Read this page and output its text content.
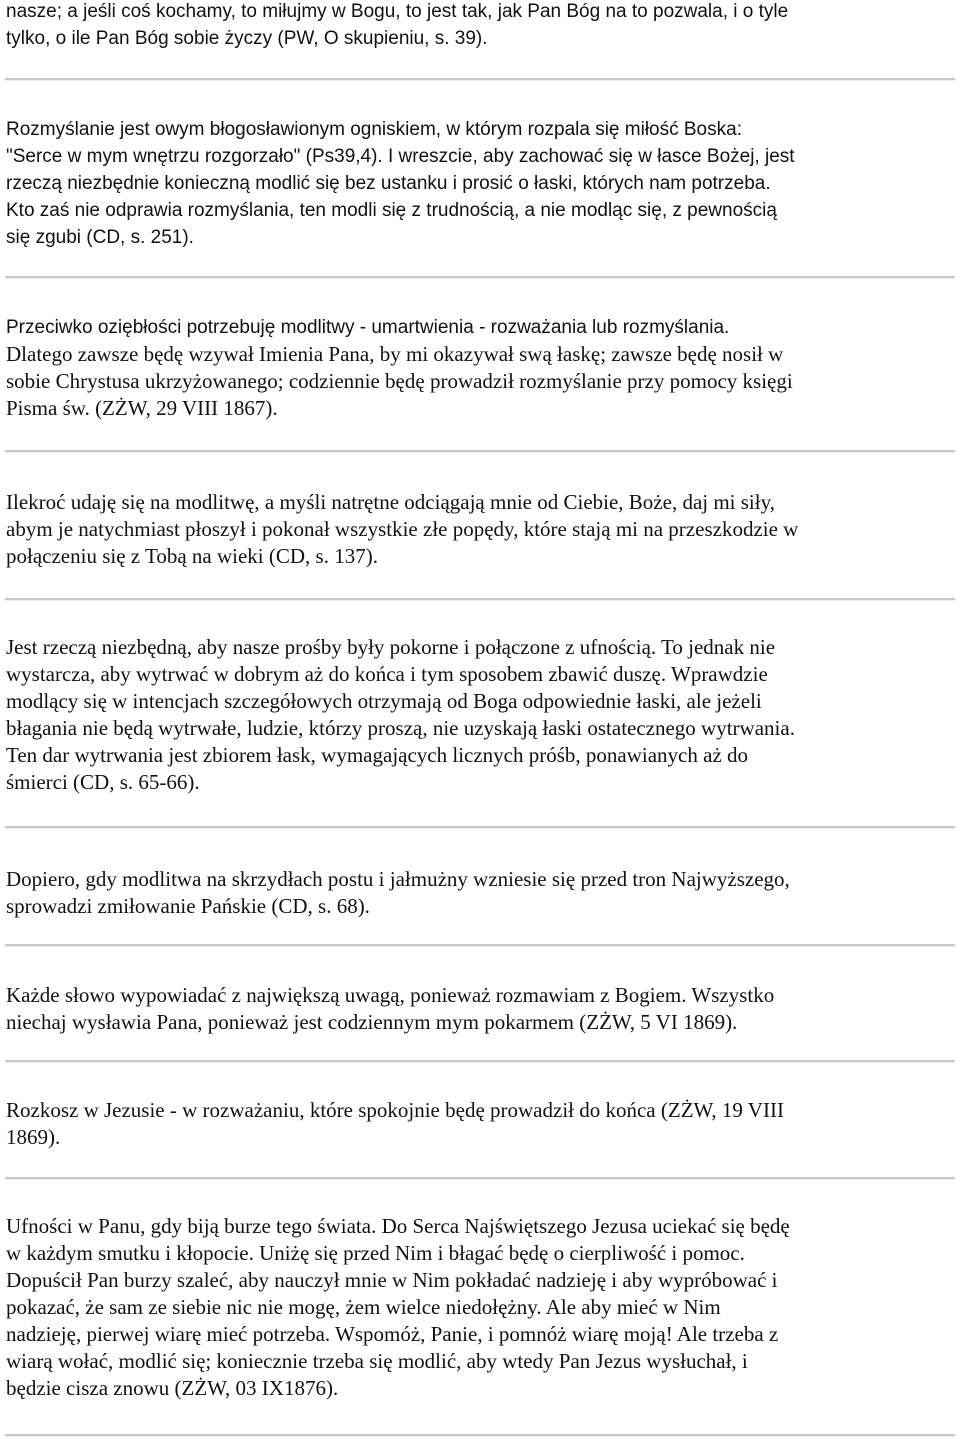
nasze; a jeśli coś kochamy, to miłujmy w Bogu, to jest tak, jak Pan Bóg na to pozwala, i o tyle
tylko, o ile Pan Bóg sobie życzy (PW, O skupieniu, s. 39).
Rozmyślanie jest owym błogosławionym ogniskiem, w którym rozpala się miłość Boska:
"Serce w mym wnętrzu rozgorzało" (Ps39,4). I wreszcie, aby zachować się w łasce Bożej, jest
rzeczą niezbędnie konieczną modlić się bez ustanku i prosić o łaski, których nam potrzeba.
Kto zaś nie odprawia rozmyślania, ten modli się z trudnością, a nie modląc się, z pewnością
się zgubi (CD, s. 251).
Przeciwko oziębłości potrzebuję modlitwy - umartwienia - rozważania lub rozmyślania.
Dlatego zawsze będę wzywał Imienia Pana, by mi okazywał swą łaskę; zawsze będę nosił w
sobie Chrystusa ukrzyżowanego; codziennie będę prowadził rozmyślanie przy pomocy księgi
Pisma św. (ZŻW, 29 VIII 1867).
Ilekroć udaję się na modlitwę, a myśli natrętne odciągają mnie od Ciebie, Boże, daj mi siły,
abym je natychmiast płoszył i pokonał wszystkie złe popędy, które stają mi na przeszkodzie w
połączeniu się z Tobą na wieki (CD, s. 137).
Jest rzeczą niezbędną, aby nasze prośby były pokorne i połączone z ufnością. To jednak nie
wystarcza, aby wytrwać w dobrym aż do końca i tym sposobem zbawić duszę. Wprawdzie
modlący się w intencjach szczegółowych otrzymają od Boga odpowiednie łaski, ale jeżeli
błagania nie będą wytrwałe, ludzie, którzy proszą, nie uzyskają łaski ostatecznego wytrwania.
Ten dar wytrwania jest zbiorem łask, wymagających licznych próśb, ponawianych aż do
śmierci (CD, s. 65-66).
Dopiero, gdy modlitwa na skrzydłach postu i jałmużny wzniesie się przed tron Najwyższego,
sprowadzi zmiłowanie Pańskie (CD, s. 68).
Każde słowo wypowiadać z największą uwagą, ponieważ rozmawiam z Bogiem. Wszystko
niechaj wysławia Pana, ponieważ jest codziennym mym pokarmem (ZŻW, 5 VI 1869).
Rozkosz w Jezusie - w rozważaniu, które spokojnie będę prowadził do końca (ZŻW, 19 VIII
1869).
Ufności w Panu, gdy biją burze tego świata. Do Serca Najświętszego Jezusa uciekać się będę
w każdym smutku i kłopocie. Uniżę się przed Nim i błagać będę o cierpliwość i pomoc.
Dopuścił Pan burzy szaleć, aby nauczył mnie w Nim pokładać nadzieję i aby wypróbować i
pokazać, że sam ze siebie nic nie mogę, żem wielce niedołężny. Ale aby mieć w Nim
nadzieję, pierwej wiarę mieć potrzeba. Wspomóż, Panie, i pomnóż wiarę moją! Ale trzeba z
wiarą wołać, modlić się; koniecznie trzeba się modlić, aby wtedy Pan Jezus wysłuchał, i
będzie cisza znowu (ZŻW, 03 IX1876).
